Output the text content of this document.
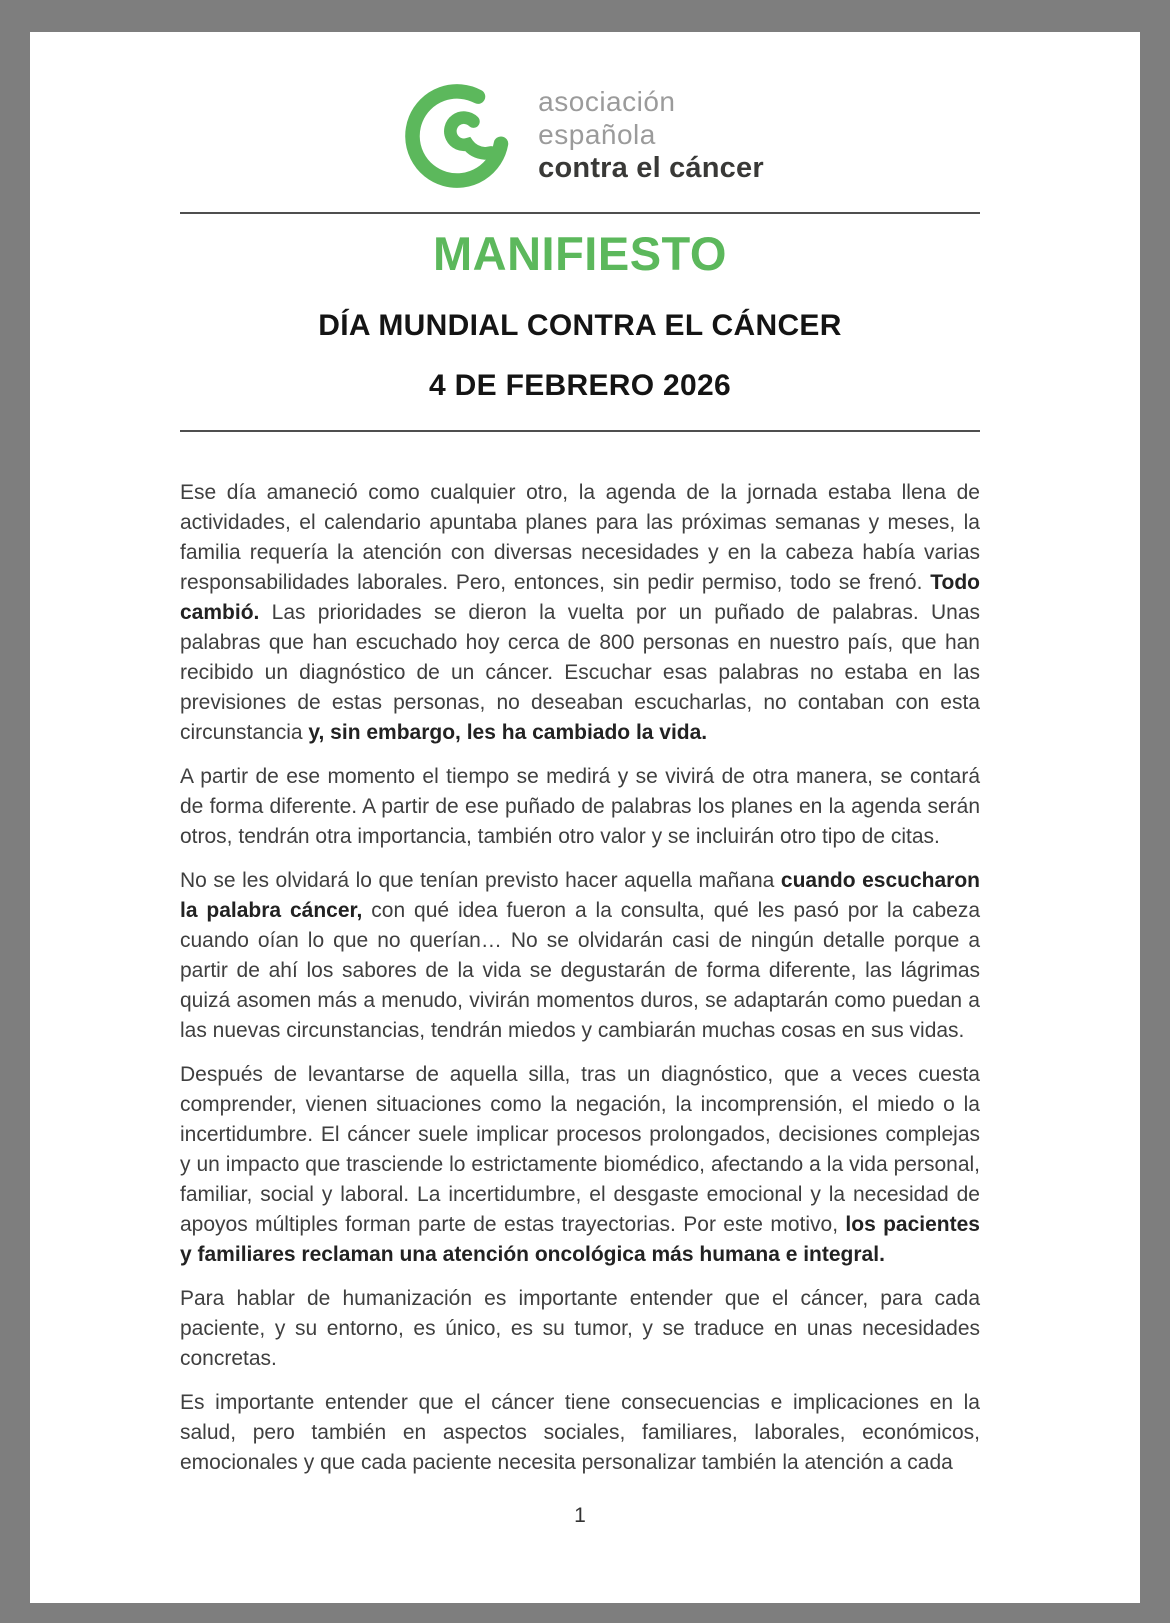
asociación
española
contra el cáncer
MANIFIESTO
DÍA MUNDIAL CONTRA EL CÁNCER
4 DE FEBRERO 2026

Ese día amaneció como cualquier otro, la agenda de la jornada estaba llena de actividades, el calendario apuntaba planes para las próximas semanas y meses, la familia requería la atención con diversas necesidades y en la cabeza había varias responsabilidades laborales. Pero, entonces, sin pedir permiso, todo se frenó. Todo cambió. Las prioridades se dieron la vuelta por un puñado de palabras. Unas palabras que han escuchado hoy cerca de 800 personas en nuestro país, que han recibido un diagnóstico de un cáncer. Escuchar esas palabras no estaba en las previsiones de estas personas, no deseaban escucharlas, no contaban con esta circunstancia y, sin embargo, les ha cambiado la vida.

A partir de ese momento el tiempo se medirá y se vivirá de otra manera, se contará de forma diferente. A partir de ese puñado de palabras los planes en la agenda serán otros, tendrán otra importancia, también otro valor y se incluirán otro tipo de citas.

No se les olvidará lo que tenían previsto hacer aquella mañana cuando escucharon la palabra cáncer, con qué idea fueron a la consulta, qué les pasó por la cabeza cuando oían lo que no querían… No se olvidarán casi de ningún detalle porque a partir de ahí los sabores de la vida se degustarán de forma diferente, las lágrimas quizá asomen más a menudo, vivirán momentos duros, se adaptarán como puedan a las nuevas circunstancias, tendrán miedos y cambiarán muchas cosas en sus vidas.

Después de levantarse de aquella silla, tras un diagnóstico, que a veces cuesta comprender, vienen situaciones como la negación, la incomprensión, el miedo o la incertidumbre. El cáncer suele implicar procesos prolongados, decisiones complejas y un impacto que trasciende lo estrictamente biomédico, afectando a la vida personal, familiar, social y laboral. La incertidumbre, el desgaste emocional y la necesidad de apoyos múltiples forman parte de estas trayectorias. Por este motivo, los pacientes y familiares reclaman una atención oncológica más humana e integral.

Para hablar de humanización es importante entender que el cáncer, para cada paciente, y su entorno, es único, es su tumor, y se traduce en unas necesidades concretas.

Es importante entender que el cáncer tiene consecuencias e implicaciones en la salud, pero también en aspectos sociales, familiares, laborales, económicos, emocionales y que cada paciente necesita personalizar también la atención a cada

1
